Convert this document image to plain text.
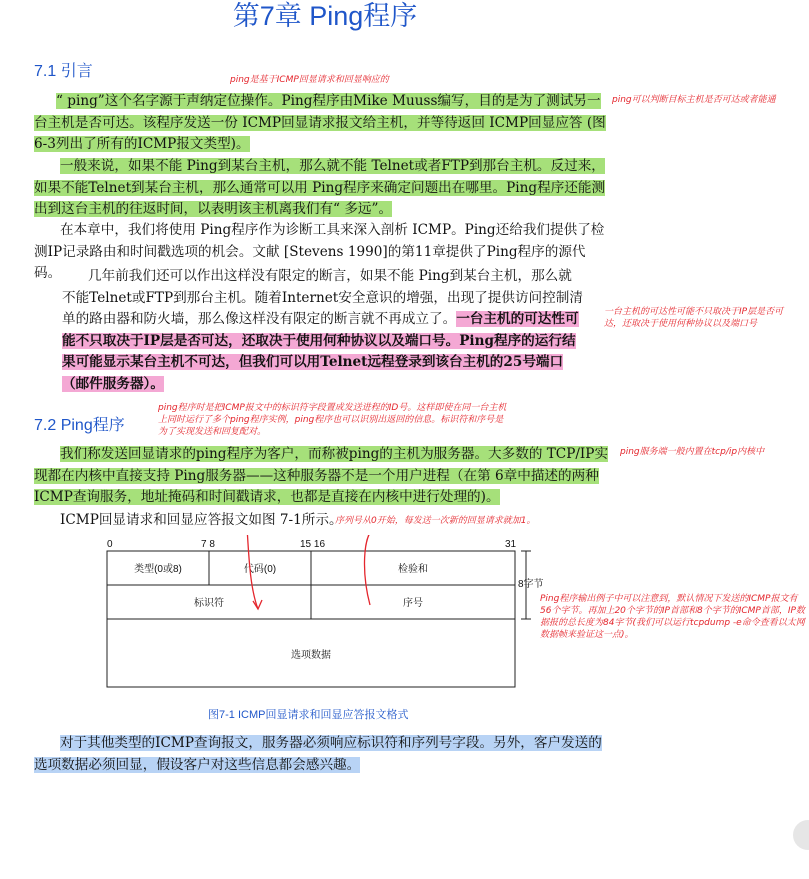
第7章 Ping程序
7.1 引言	ping是基于ICMP回显请求和回显响应的

“ ping”这个名字源于声纳定位操作。Ping程序由Mike Muuss编写，目的是为了测试另一台主机是否可达。该程序发送一份 ICMP回显请求报文给主机，并等待返回 ICMP回显应答 (图6-3列出了所有的ICMP报文类型)。

ping可以判断目标主机是否可达或者能通

一般来说，如果不能 Ping到某台主机，那么就不能 Telnet或者FTP到那台主机。反过来，如果不能Telnet到某台主机，那么通常可以用 Ping程序来确定问题出在哪里。Ping程序还能测出到这台主机的往返时间，以表明该主机离我们有“ 多远”。

在本章中，我们将使用 Ping程序作为诊断工具来深入剖析 ICMP。Ping还给我们提供了检测IP记录路由和时间戳选项的机会。文献 [Stevens 1990]的第11章提供了Ping程序的源代码。	几年前我们还可以作出这样没有限定的断言，如果不能 Ping到某台主机，那么就不能Telnet或FTP到那台主机。随着Internet安全意识的增强，出现了提供访问控制清单的路由器和防火墙，那么像这样没有限定的断言就不再成立了。一台主机的可达性可能不只取决于IP层是否可达，还取决于使用何种协议以及端口号。Ping程序的运行结果可能显示某台主机不可达，但我们可以用Telnet远程登录到该台主机的25号端口（邮件服务器）。

一台主机的可达性可能不只取决于IP层是否可达，还取决于使用何种协议以及端口号
7.2 Ping程序
ping程序时是把ICMP报文中的标识符字段置成发送进程的ID号。这样即使在同一台主机上同时运行了多个ping程序实例，ping程序也可以识别出返回的信息。标识符和序号是为了实现发送和回复配对。

我们称发送回显请求的ping程序为客户，而称被ping的主机为服务器。大多数的 TCP/IP实现都在内核中直接支持 Ping服务器——这种服务器不是一个用户进程（在第 6章中描述的两种ICMP查询服务，地址掩码和时间戳请求，也都是直接在内核中进行处理的)。

ping服务端一般内置在tcp/ip内核中

ICMP回显请求和回显应答报文如图 7-1所示。

序列号从0开始，每发送一次新的回显请求就加1。
0	7 8	15 16	31
类型(0或8)	代码(0)	检验和
标识符	序号
选项数据
8字节
Ping程序输出例子中可以注意到，默认情况下发送的ICMP报文有56个字节。再加上20个字节的IP首部和8个字节的ICMP首部，IP数据报的总长度为84字节(我们可以运行tcpdump -e命令查看以太网数据帧来验证这一点)。
图7-1 ICMP回显请求和回显应答报文格式

对于其他类型的ICMP查询报文，服务器必须响应标识符和序列号字段。另外，客户发送的选项数据必须回显，假设客户对这些信息都会感兴趣。
